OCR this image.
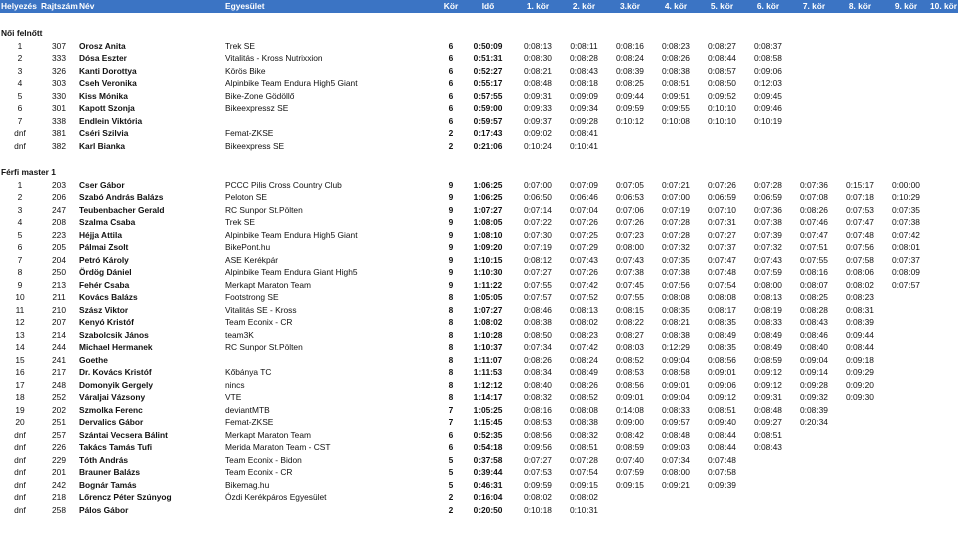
Helyezés	Rajtszám	Név	Egyesület	Kör	Idő	1. kör	2. kör	3.kör	4. kör	5. kör	6. kör	7. kör	8. kör	9. kör	10. kör

Női felnőtt															
1	307	Orosz Anita	Trek SE	6	0:50:09	0:08:13	0:08:11	0:08:16	0:08:23	0:08:27	0:08:37				
2	333	Dósa Eszter	Vitalitás - Kross Nutrixxion	6	0:51:31	0:08:30	0:08:28	0:08:24	0:08:26	0:08:44	0:08:58				
3	326	Kanti Dorottya	Körös Bike	6	0:52:27	0:08:21	0:08:43	0:08:39	0:08:38	0:08:57	0:09:06				
4	303	Cseh Veronika	Alpinbike Team Endura High5 Giant	6	0:55:17	0:08:48	0:08:18	0:08:25	0:08:51	0:08:50	0:12:03				
5	330	Kiss Mónika	Bike-Zone Gödöllő	6	0:57:55	0:09:31	0:09:09	0:09:44	0:09:51	0:09:52	0:09:45				
6	301	Kapott Szonja	Bikeexpressz SE	6	0:59:00	0:09:33	0:09:34	0:09:59	0:09:55	0:10:10	0:09:46				
7	338	Endlein Viktória		6	0:59:57	0:09:37	0:09:28	0:10:12	0:10:08	0:10:10	0:10:19				
dnf	381	Cséri Szilvia	Femat-ZKSE	2	0:17:43	0:09:02	0:08:41								
dnf	382	Karl Bianka	Bikeexpress SE	2	0:21:06	0:10:24	0:10:41								

Férfi master 1															
1	203	Cser Gábor	PCCC Pilis Cross Country Club	9	1:06:25	0:07:00	0:07:09	0:07:05	0:07:21	0:07:26	0:07:28	0:07:36	0:15:17	0:00:00	
2	206	Szabó András Balázs	Peloton SE	9	1:06:25	0:06:50	0:06:46	0:06:53	0:07:00	0:06:59	0:06:59	0:07:08	0:07:18	0:10:29	
3	247	Teubenbacher Gerald	RC Sunpor St.Pölten	9	1:07:27	0:07:14	0:07:04	0:07:06	0:07:19	0:07:10	0:07:36	0:08:26	0:07:53	0:07:35	
4	208	Szalma Csaba	Trek SE	9	1:08:05	0:07:22	0:07:26	0:07:26	0:07:28	0:07:31	0:07:38	0:07:46	0:07:47	0:07:38	
5	223	Héjja Attila	Alpinbike Team Endura High5 Giant	9	1:08:10	0:07:30	0:07:25	0:07:23	0:07:28	0:07:27	0:07:39	0:07:47	0:07:48	0:07:42	
6	205	Pálmai Zsolt	BikePont.hu	9	1:09:20	0:07:19	0:07:29	0:08:00	0:07:32	0:07:37	0:07:32	0:07:51	0:07:56	0:08:01	
7	204	Petró Károly	ASE Kerékpár	9	1:10:15	0:08:12	0:07:43	0:07:43	0:07:35	0:07:47	0:07:43	0:07:55	0:07:58	0:07:37	
8	250	Ördög Dániel	Alpinbike Team Endura Giant High5	9	1:10:30	0:07:27	0:07:26	0:07:38	0:07:38	0:07:48	0:07:59	0:08:16	0:08:06	0:08:09	
9	213	Fehér Csaba	Merkapt Maraton Team	9	1:11:22	0:07:55	0:07:42	0:07:45	0:07:56	0:07:54	0:08:00	0:08:07	0:08:02	0:07:57	
10	211	Kovács Balázs	Footstrong SE	8	1:05:05	0:07:57	0:07:52	0:07:55	0:08:08	0:08:08	0:08:13	0:08:25	0:08:23		
11	210	Szász Viktor	Vitalitás SE - Kross	8	1:07:27	0:08:46	0:08:13	0:08:15	0:08:35	0:08:17	0:08:19	0:08:28	0:08:31		
12	207	Kenyó Kristóf	Team Econix - CR	8	1:08:02	0:08:38	0:08:02	0:08:22	0:08:21	0:08:35	0:08:33	0:08:43	0:08:39		
13	214	Szabolcsik János	team3K	8	1:10:28	0:08:50	0:08:23	0:08:27	0:08:38	0:08:49	0:08:49	0:08:46	0:09:44		
14	244	Michael Hermanek	RC Sunpor St.Pölten	8	1:10:37	0:07:34	0:07:42	0:08:03	0:12:29	0:08:35	0:08:49	0:08:40	0:08:44		
15	241	Goethe		8	1:11:07	0:08:26	0:08:24	0:08:52	0:09:04	0:08:56	0:08:59	0:09:04	0:09:18		
16	217	Dr. Kovács Kristóf	Kőbánya TC	8	1:11:53	0:08:34	0:08:49	0:08:53	0:08:58	0:09:01	0:09:12	0:09:14	0:09:29		
17	248	Domonyik Gergely	nincs	8	1:12:12	0:08:40	0:08:26	0:08:56	0:09:01	0:09:06	0:09:12	0:09:28	0:09:20		
18	252	Váraljai Vázsony	VTE	8	1:14:17	0:08:32	0:08:52	0:09:01	0:09:04	0:09:12	0:09:31	0:09:32	0:09:30		
19	202	Szmolka Ferenc	deviantMTB	7	1:05:25	0:08:16	0:08:08	0:14:08	0:08:33	0:08:51	0:08:48	0:08:39			
20	251	Dervalics Gábor	Femat-ZKSE	7	1:15:45	0:08:53	0:08:38	0:09:00	0:09:57	0:09:40	0:09:27	0:20:34			
dnf	257	Szántai Vecsera Bálint	Merkapt Maraton Team	6	0:52:35	0:08:56	0:08:32	0:08:42	0:08:48	0:08:44	0:08:51				
dnf	226	Takács Tamás Tufi	Merida Maraton Team - CST	6	0:54:18	0:09:56	0:08:51	0:08:59	0:09:03	0:08:44	0:08:43				
dnf	229	Tóth András	Team Econix - Bidon	5	0:37:58	0:07:27	0:07:28	0:07:40	0:07:34	0:07:48					
dnf	201	Brauner Balázs	Team Econix - CR	5	0:39:44	0:07:53	0:07:54	0:07:59	0:08:00	0:07:58					
dnf	242	Bognár Tamás	Bikemag.hu	5	0:46:31	0:09:59	0:09:15	0:09:15	0:09:21	0:09:39					
dnf	218	Lőrencz Péter Szúnyog	Ózdi Kerékpáros Egyesület	2	0:16:04	0:08:02	0:08:02								
dnf	258	Pálos Gábor		2	0:20:50	0:10:18	0:10:31								
